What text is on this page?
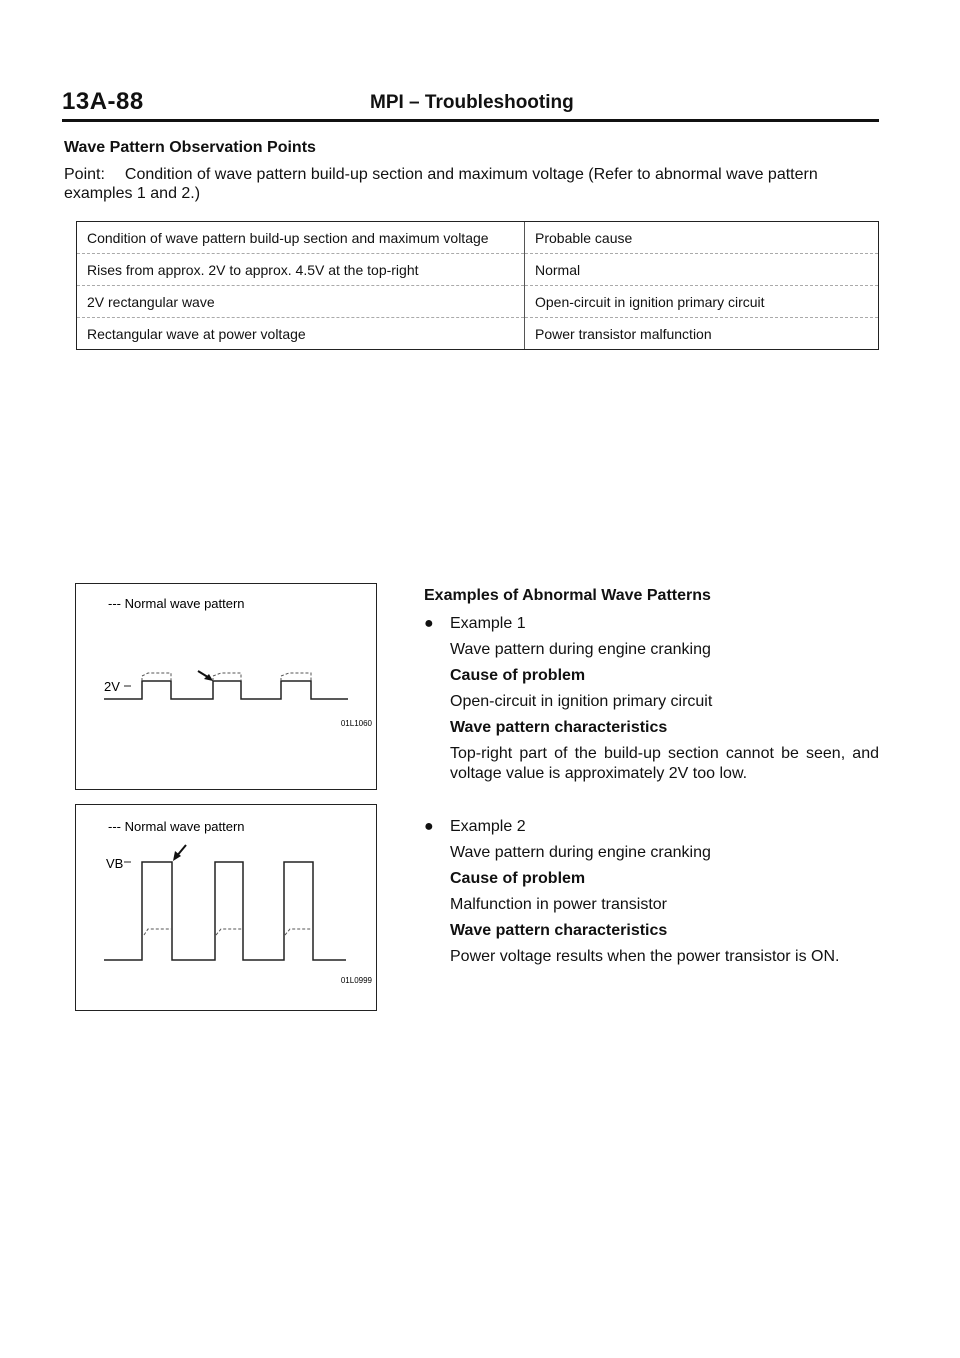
13A-88	MPI – Troubleshooting
Wave Pattern Observation Points
Point: Condition of wave pattern build-up section and maximum voltage (Refer to abnormal wave pattern examples 1 and 2.)
Condition of wave pattern build-up section and maximum voltage	Probable cause
Rises from approx. 2V to approx. 4.5V at the top-right	Normal
2V rectangular wave	Open-circuit in ignition primary circuit
Rectangular wave at power voltage	Power transistor malfunction
--- Normal wave pattern
2V
01L1060
--- Normal wave pattern
VB
01L0999
Examples of Abnormal Wave Patterns
● Example 1
Wave pattern during engine cranking
Cause of problem
Open-circuit in ignition primary circuit
Wave pattern characteristics
Top-right part of the build-up section cannot be seen, and voltage value is approximately 2V too low.
● Example 2
Wave pattern during engine cranking
Cause of problem
Malfunction in power transistor
Wave pattern characteristics
Power voltage results when the power transistor is ON.
